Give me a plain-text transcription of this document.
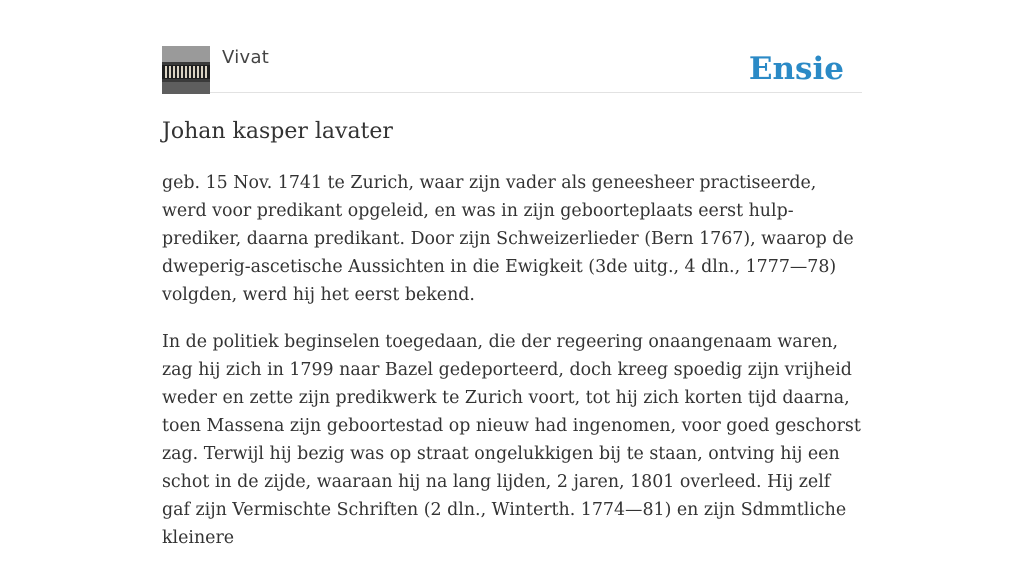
Vivat	Ensie
Johan kasper lavater

geb. 15 Nov. 1741 te Zurich, waar zijn vader als geneesheer practiseerde, werd voor predikant opgeleid, en was in zijn geboorteplaats eerst hulp-prediker, daarna predikant. Door zijn Schweizerlieder (Bern 1767), waarop de dweperig-ascetische Aussichten in die Ewigkeit (3de uitg., 4 dln., 1777—78) volgden, werd hij het eerst bekend.

In de politiek beginselen toegedaan, die der regeering onaangenaam waren, zag hij zich in 1799 naar Bazel gedeporteerd, doch kreeg spoedig zijn vrijheid weder en zette zijn predikwerk te Zurich voort, tot hij zich korten tijd daarna, toen Massena zijn geboortestad op nieuw had ingenomen, voor goed geschorst zag. Terwijl hij bezig was op straat ongelukkigen bij te staan, ontving hij een schot in de zijde, waaraan hij na lang lijden, 2 jaren, 1801 overleed. Hij zelf gaf zijn Vermischte Schriften (2 dln., Winterth. 1774—81) en zijn Sdmmtliche kleinere
